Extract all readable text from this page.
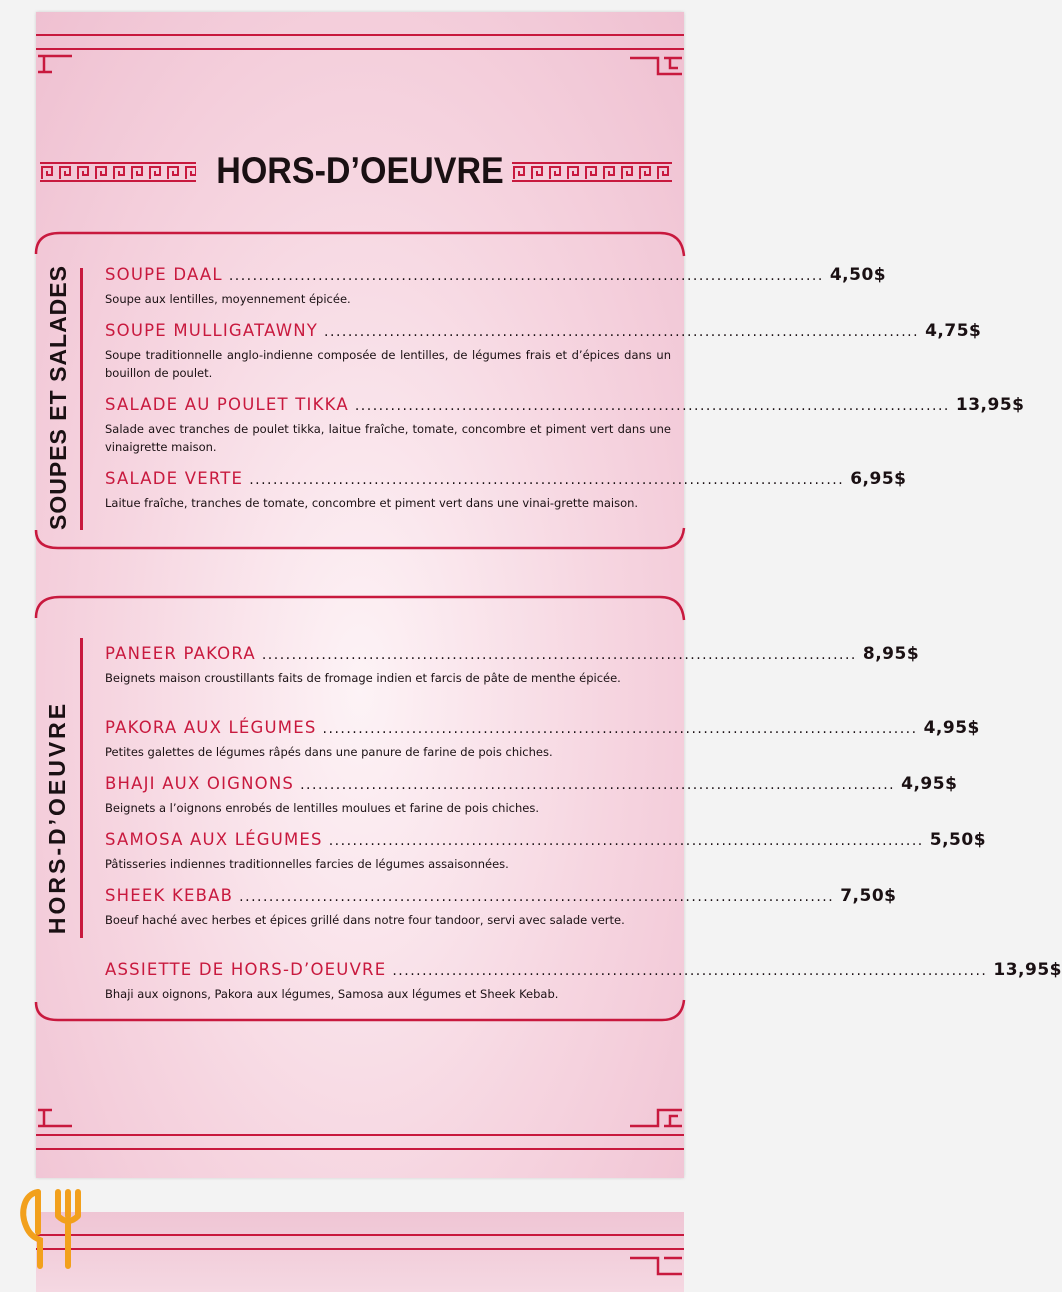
HORS-D’OEUVRE
SOUPES ET SALADES SOUPE DAAL .................................................................................................... 4,50$
Soupe aux lentilles, moyennement épicée.
SOUPE MULLIGATAWNY .................................................................................................... 4,75$
Soupe traditionnelle anglo-indienne composée de lentilles, de légumes frais et d’épices dans un bouillon de poulet.
SALADE AU POULET TIKKA .................................................................................................... 13,95$
Salade avec tranches de poulet tikka, laitue fraîche, tomate, concombre et piment vert dans une vinaigrette maison.
SALADE VERTE .................................................................................................... 6,95$
Laitue fraîche, tranches de tomate, concombre et piment vert dans une vinai-grette maison.
HORS-D’OEUVRE
PANEER PAKORA .................................................................................................... 8,95$
Beignets maison croustillants faits de fromage indien et farcis de pâte de menthe épicée.
PAKORA AUX LÉGUMES .................................................................................................... 4,95$
Petites galettes de légumes râpés dans une panure de farine de pois chiches.
BHAJI AUX OIGNONS .................................................................................................... 4,95$
Beignets a l’oignons enrobés de lentilles moulues et farine de pois chiches.
SAMOSA AUX LÉGUMES .................................................................................................... 5,50$
Pâtisseries indiennes traditionnelles farcies de légumes assaisonnées.
SHEEK KEBAB .................................................................................................... 7,50$
Boeuf haché avec herbes et épices grillé dans notre four tandoor, servi avec salade verte.
ASSIETTE DE HORS-D’OEUVRE .................................................................................................... 13,95$
Bhaji aux oignons, Pakora aux légumes, Samosa aux légumes et Sheek Kebab.
